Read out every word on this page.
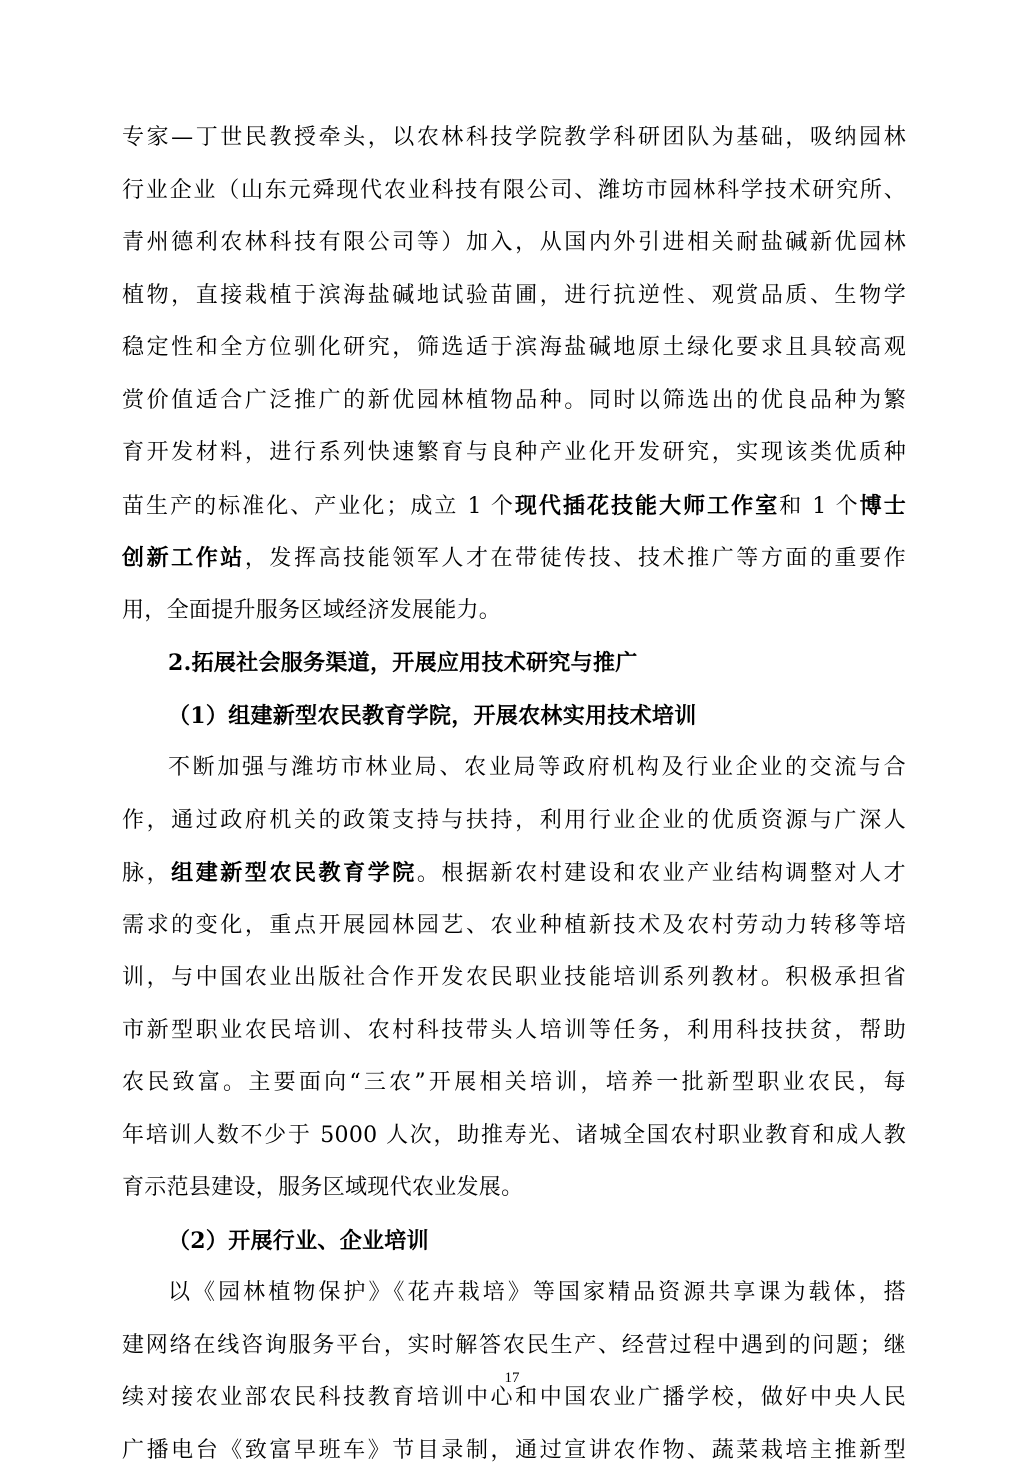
专家—丁世民教授牵头，以农林科技学院教学科研团队为基础，吸纳园林
行业企业（山东元舜现代农业科技有限公司、潍坊市园林科学技术研究所、
青州德利农林科技有限公司等）加入，从国内外引进相关耐盐碱新优园林
植物，直接栽植于滨海盐碱地试验苗圃，进行抗逆性、观赏品质、生物学
稳定性和全方位驯化研究，筛选适于滨海盐碱地原土绿化要求且具较高观
赏价值适合广泛推广的新优园林植物品种。同时以筛选出的优良品种为繁
育开发材料，进行系列快速繁育与良种产业化开发研究，实现该类优质种
苗生产的标准化、产业化；成立 1 个现代插花技能大师工作室和 1 个博士
创新工作站，发挥高技能领军人才在带徒传技、技术推广等方面的重要作
用，全面提升服务区域经济发展能力。
2.拓展社会服务渠道，开展应用技术研究与推广
（1）组建新型农民教育学院，开展农林实用技术培训
不断加强与潍坊市林业局、农业局等政府机构及行业企业的交流与合
作，通过政府机关的政策支持与扶持，利用行业企业的优质资源与广深人
脉，组建新型农民教育学院。根据新农村建设和农业产业结构调整对人才
需求的变化，重点开展园林园艺、农业种植新技术及农村劳动力转移等培
训，与中国农业出版社合作开发农民职业技能培训系列教材。积极承担省
市新型职业农民培训、农村科技带头人培训等任务，利用科技扶贫，帮助
农民致富。主要面向“三农”开展相关培训，培养一批新型职业农民，每
年培训人数不少于 5000 人次，助推寿光、诸城全国农村职业教育和成人教
育示范县建设，服务区域现代农业发展。
（2）开展行业、企业培训
以《园林植物保护》《花卉栽培》等国家精品资源共享课为载体，搭
建网络在线咨询服务平台，实时解答农民生产、经营过程中遇到的问题；继
续对接农业部农民科技教育培训中心和中国农业广播学校，做好中央人民
广播电台《致富早班车》节目录制，通过宣讲农作物、蔬菜栽培主推新型
17
